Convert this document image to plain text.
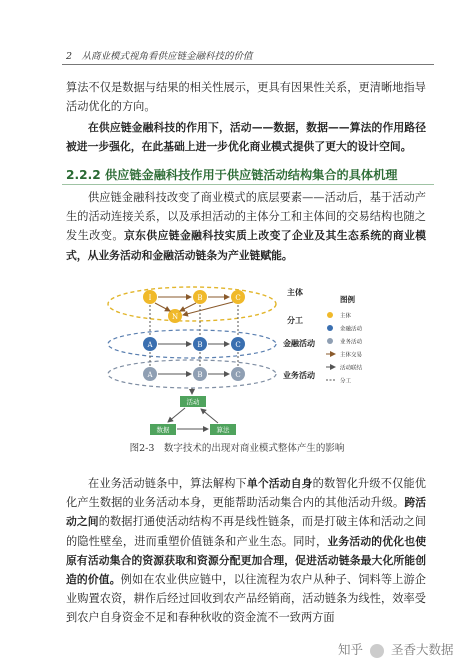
2　从商业模式视角看供应链金融科技的价值

算法不仅是数据与结果的相关性展示，更具有因果性关系，更清晰地指导活动优化的方向。

在供应链金融科技的作用下，活动——数据，数据——算法的作用路径被进一步强化，在此基础上进一步优化商业模式提供了更大的设计空间。

2.2.2 供应链金融科技作用于供应链活动结构集合的具体机理

供应链金融科技改变了商业模式的底层要素——活动后，基于活动产生的活动连接关系，以及承担活动的主体分工和主体间的交易结构也随之发生改变。京东供应链金融科技实质上改变了企业及其生态系统的商业模式，从业务活动和金融活动链条为产业链赋能。

I	B	C
N
A	B	C
A	B	C
活动
数据	算法
主体
分工
金融活动
业务活动
图例
主体
金融活动
业务活动
主体交易
活动联结
分工
图2-3　数字技术的出现对商业模式整体产生的影响

在业务活动链条中，算法解构下单个活动自身的数智化升级不仅能优化产生数据的业务活动本身，更能帮助活动集合内的其他活动升级。跨活动之间的数据打通使活动结构不再是线性链条，而是打破主体和活动之间的隐性壁垒，进而重塑价值链条和产业生态。同时，业务活动的优化也使原有活动集合的资源获取和资源分配更加合理，促进活动链条最大化所能创造的价值。例如在农业供应链中，以往流程为农户从种子、饲料等上游企业购置农资，耕作后经过回收到农产品经销商，活动链条为线性，效率受到农户自身资金不足和春种秋收的资金流不一致两方面

知乎 圣香大数据
